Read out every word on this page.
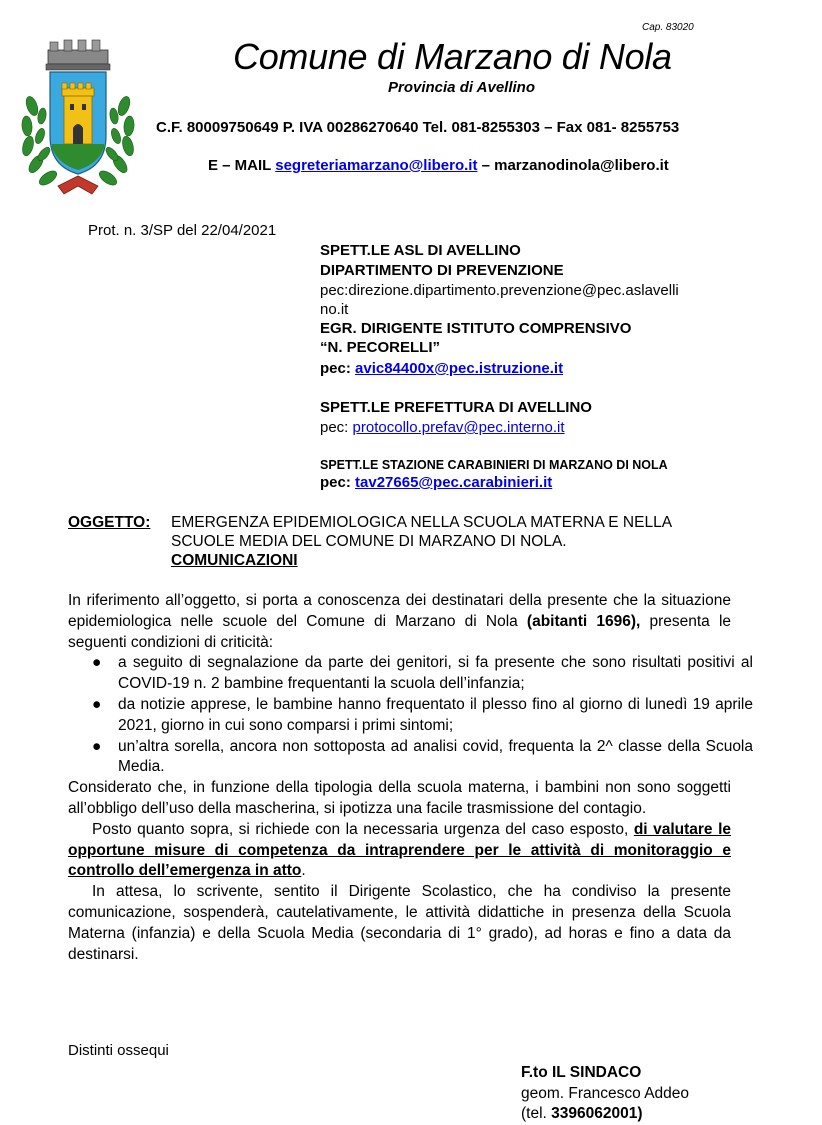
Cap. 83020
Comune di Marzano di Nola
Provincia di Avellino
C.F. 80009750649 P. IVA 00286270640 Tel. 081-8255303 – Fax 081- 8255753
E – MAIL segreteriamarzano@libero.it – marzanodinola@libero.it
Prot. n. 3/SP del 22/04/2021
SPETT.LE ASL DI AVELLINO
DIPARTIMENTO DI PREVENZIONE
pec:direzione.dipartimento.prevenzione@pec.aslavelli
no.it
EGR. DIRIGENTE ISTITUTO COMPRENSIVO
“N. PECORELLI”
pec: avic84400x@pec.istruzione.it
SPETT.LE PREFETTURA DI AVELLINO
pec: protocollo.prefav@pec.interno.it
SPETT.LE STAZIONE CARABINIERI DI MARZANO DI NOLA
pec: tav27665@pec.carabinieri.it
OGGETTO: EMERGENZA EPIDEMIOLOGICA NELLA SCUOLA MATERNA E NELLA
SCUOLE MEDIA DEL COMUNE DI MARZANO DI NOLA.
COMUNICAZIONI

In riferimento all’oggetto, si porta a conoscenza dei destinatari della presente che la situazione epidemiologica nelle scuole del Comune di Marzano di Nola (abitanti 1696), presenta le seguenti condizioni di criticità:

● a seguito di segnalazione da parte dei genitori, si fa presente che sono risultati positivi al COVID-19 n. 2 bambine frequentanti la scuola dell’infanzia;
● da notizie apprese, le bambine hanno frequentato il plesso fino al giorno di lunedì 19 aprile 2021, giorno in cui sono comparsi i primi sintomi;
● un’altra sorella, ancora non sottoposta ad analisi covid, frequenta la 2^ classe della Scuola Media.

Considerato che, in funzione della tipologia della scuola materna, i bambini non sono soggetti all’obbligo dell’uso della mascherina, si ipotizza una facile trasmissione del contagio.

Posto quanto sopra, si richiede con la necessaria urgenza del caso esposto, di valutare le opportune misure di competenza da intraprendere per le attività di monitoraggio e controllo dell’emergenza in atto.

In attesa, lo scrivente, sentito il Dirigente Scolastico, che ha condiviso la presente comunicazione, sospenderà, cautelativamente, le attività didattiche in presenza della Scuola Materna (infanzia) e della Scuola Media (secondaria di 1° grado), ad horas e fino a data da destinarsi.

Distinti ossequi
F.to IL SINDACO
geom. Francesco Addeo
(tel. 3396062001)
